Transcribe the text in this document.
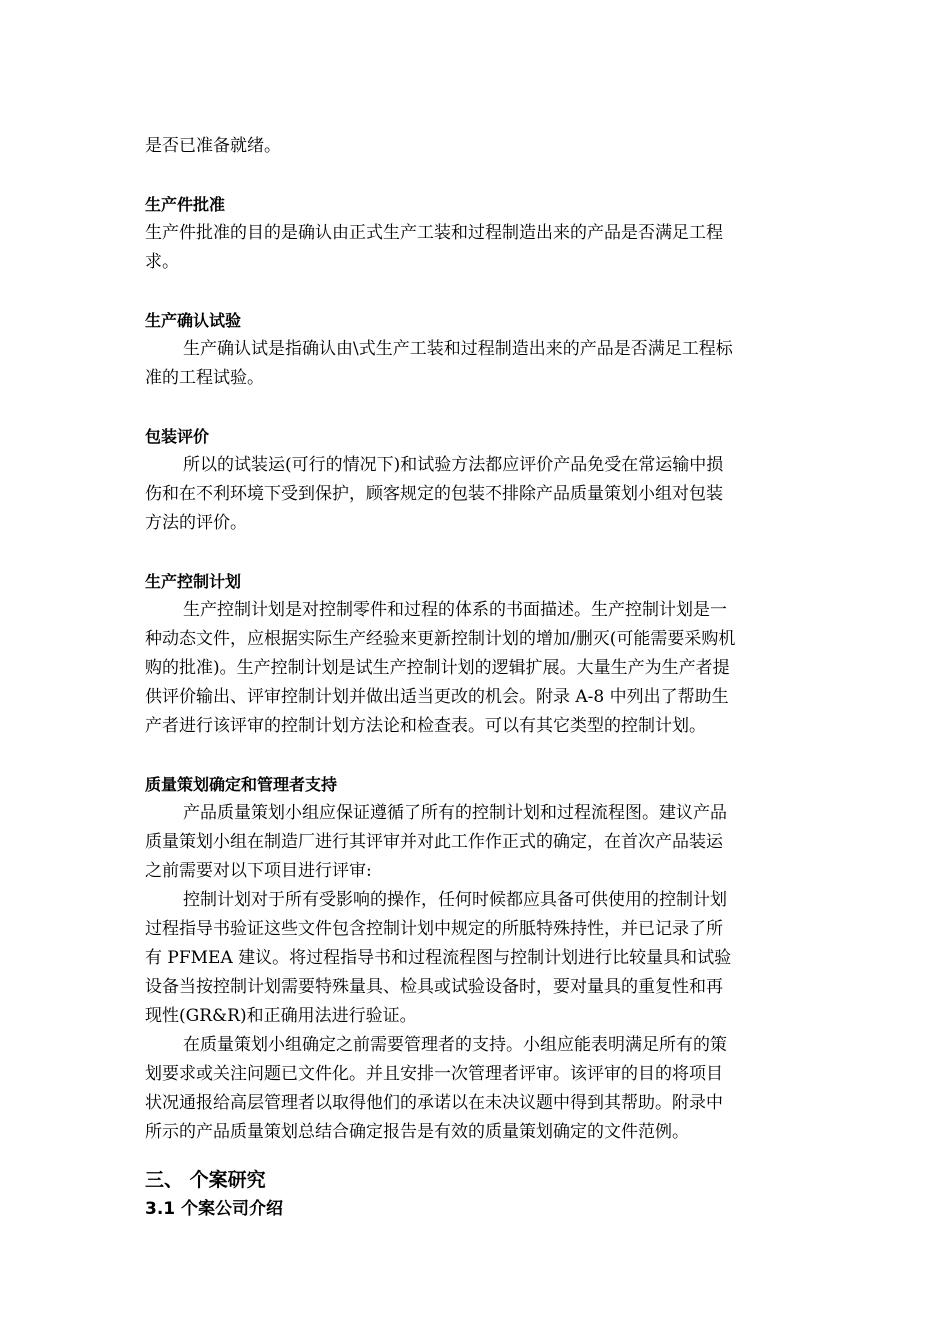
是否已准备就绪。

生产件批准

生产件批准的目的是确认由正式生产工装和过程制造出来的产品是否满足工程

求。

生产确认试验

生产确认试是指确认由\式生产工装和过程制造出来的产品是否满足工程标

准的工程试验。

包装评价

所以的试装运(可行的情况下)和试验方法都应评价产品免受在常运输中损

伤和在不利环境下受到保护，顾客规定的包装不排除产品质量策划小组对包装

方法的评价。

生产控制计划

生产控制计划是对控制零件和过程的体系的书面描述。生产控制计划是一

种动态文件，应根据实际生产经验来更新控制计划的增加/删灭(可能需要采购机

购的批准)。生产控制计划是试生产控制计划的逻辑扩展。大量生产为生产者提

供评价输出、评审控制计划并做出适当更改的机会。附录 A-8 中列出了帮助生

产者进行该评审的控制计划方法论和检查表。可以有其它类型的控制计划。

质量策划确定和管理者支持

产品质量策划小组应保证遵循了所有的控制计划和过程流程图。建议产品

质量策划小组在制造厂进行其评审并对此工作作正式的确定，在首次产品装运

之前需要对以下项目进行评审:

控制计划对于所有受影响的操作，任何时候都应具备可供使用的控制计划

过程指导书验证这些文件包含控制计划中规定的所胝特殊持性，并已记录了所

有 PFMEA 建议。将过程指导书和过程流程图与控制计划进行比较量具和试验

设备当按控制计划需要特殊量具、检具或试验设备时，要对量具的重复性和再

现性(GR&R)和正确用法进行验证。

在质量策划小组确定之前需要管理者的支持。小组应能表明满足所有的策

划要求或关注问题已文件化。并且安排一次管理者评审。该评审的目的将项目

状况通报给高层管理者以取得他们的承诺以在未决议题中得到其帮助。附录中

所示的产品质量策划总结合确定报告是有效的质量策划确定的文件范例。

三、 个案研究
3.1 个案公司介绍
